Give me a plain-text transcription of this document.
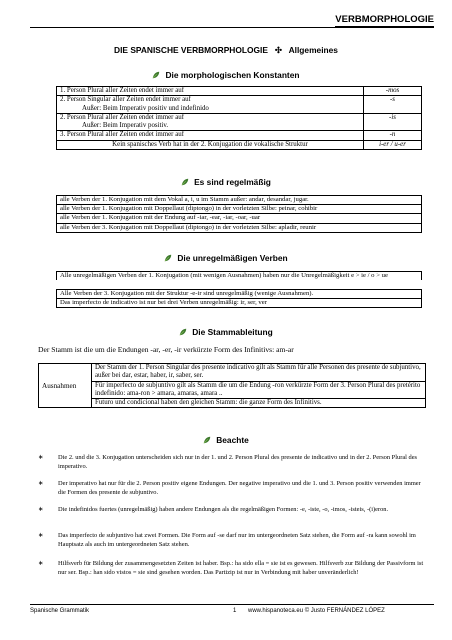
VERBMORPHOLOGIE
DIE SPANISCHE VERBMORPHOLOGIE ✣ Allgemeines
Die morphologischen Konstanten
1. Person Plural aller Zeiten endet immer auf	-mos

2. Person Singular aller Zeiten endet immer auf
Außer: Beim Imperativ positiv und indefinido	-s

2. Person Plural aller Zeiten endet immer auf
Außer: Beim Imperativ positiv.	-is

3. Person Plural aller Zeiten endet immer auf	-n

Kein spanisches Verb hat in der 2. Konjugation die vokalische Struktur	i-er / u-er
Es sind regelmäßig
alle Verben der 1. Konjugation mit dem Vokal a, i, u im Stamm außer: andar, desandar, jugar.
alle Verben der 1. Konjugation mit Doppellaut (diptongo) in der vorletzten Silbe: peinar, cohibir
alle Verben der 1. Konjugation mit der Endung auf -iar, -ear, -iar, -oar, -uar
alle Verben der 3. Konjugation mit Doppellaut (diptongo) in der vorletzten Silbe: apladir, reunir
Die unregelmäßigen Verben
Alle unregelmäßigen Verben der 1. Konjugation (mit wenigen Ausnahmen) haben nur die Unregelmäßigkeit e > ie / o > ue
Alle Verben der 3. Konjugation mit der Struktur -e-ir sind unregelmäßig (wenige Ausnahmen).
Das imperfecto de indicativo ist nur bei drei Verben unregelmäßig: ir, ser, ver
Die Stammableitung
Der Stamm ist die um die Endungen -ar, -er, -ir verkürzte Form des Infinitivs: am-ar
Ausnahmen	Der Stamm der 1. Person Singular des presente indicativo gilt als Stamm für alle Personen des presente de subjuntivo, außer bei dar, estar, haber, ir, saber, ser.
Für imperfecto de subjuntivo gilt als Stamm die um die Endung -ron verkürzte Form der 3. Person Plural des pretérito indefinido: ama-ron > amara, amaras, amara ..
Futuro und condicional haben den gleichen Stamm: die ganze Form des Infinitivs.
Beachte
∗ Die 2. und die 3. Konjugation unterscheiden sich nur in der 1. und 2. Person Plural des presente de indicativo und in der 2. Person Plural des imperativo.
∗ Der imperativo hat nur für die 2. Person positiv eigene Endungen. Der negative imperativo und die 1. und 3. Person positiv verwenden immer die Formen des presente de subjuntivo.
∗ Die indefinidos fuertes (unregelmäßig) haben andere Endungen als die regelmäßigen Formen: -e, -iste, -o, -imos, -isteis, -(i)eron.
∗ Das imperfecto de subjuntivo hat zwei Formen. Die Form auf -se darf nur im untergeordneten Satz stehen, die Form auf -ra kann sowohl im Hauptsatz als auch im untergeordneten Satz stehen.
∗ Hilfsverb für Bildung der zusammengesetzten Zeiten ist haber. Bsp.: ha sido ella = sie ist es gewesen. Hilfsverb zur Bildung der Passivform ist nur ser. Bsp.: han sido vistos = sie sind gesehen worden. Das Partizip ist nur in Verbindung mit haber unveränderlich!
Spanische Grammatik	1 www.hispanoteca.eu © Justo FERNÁNDEZ LÓPEZ
